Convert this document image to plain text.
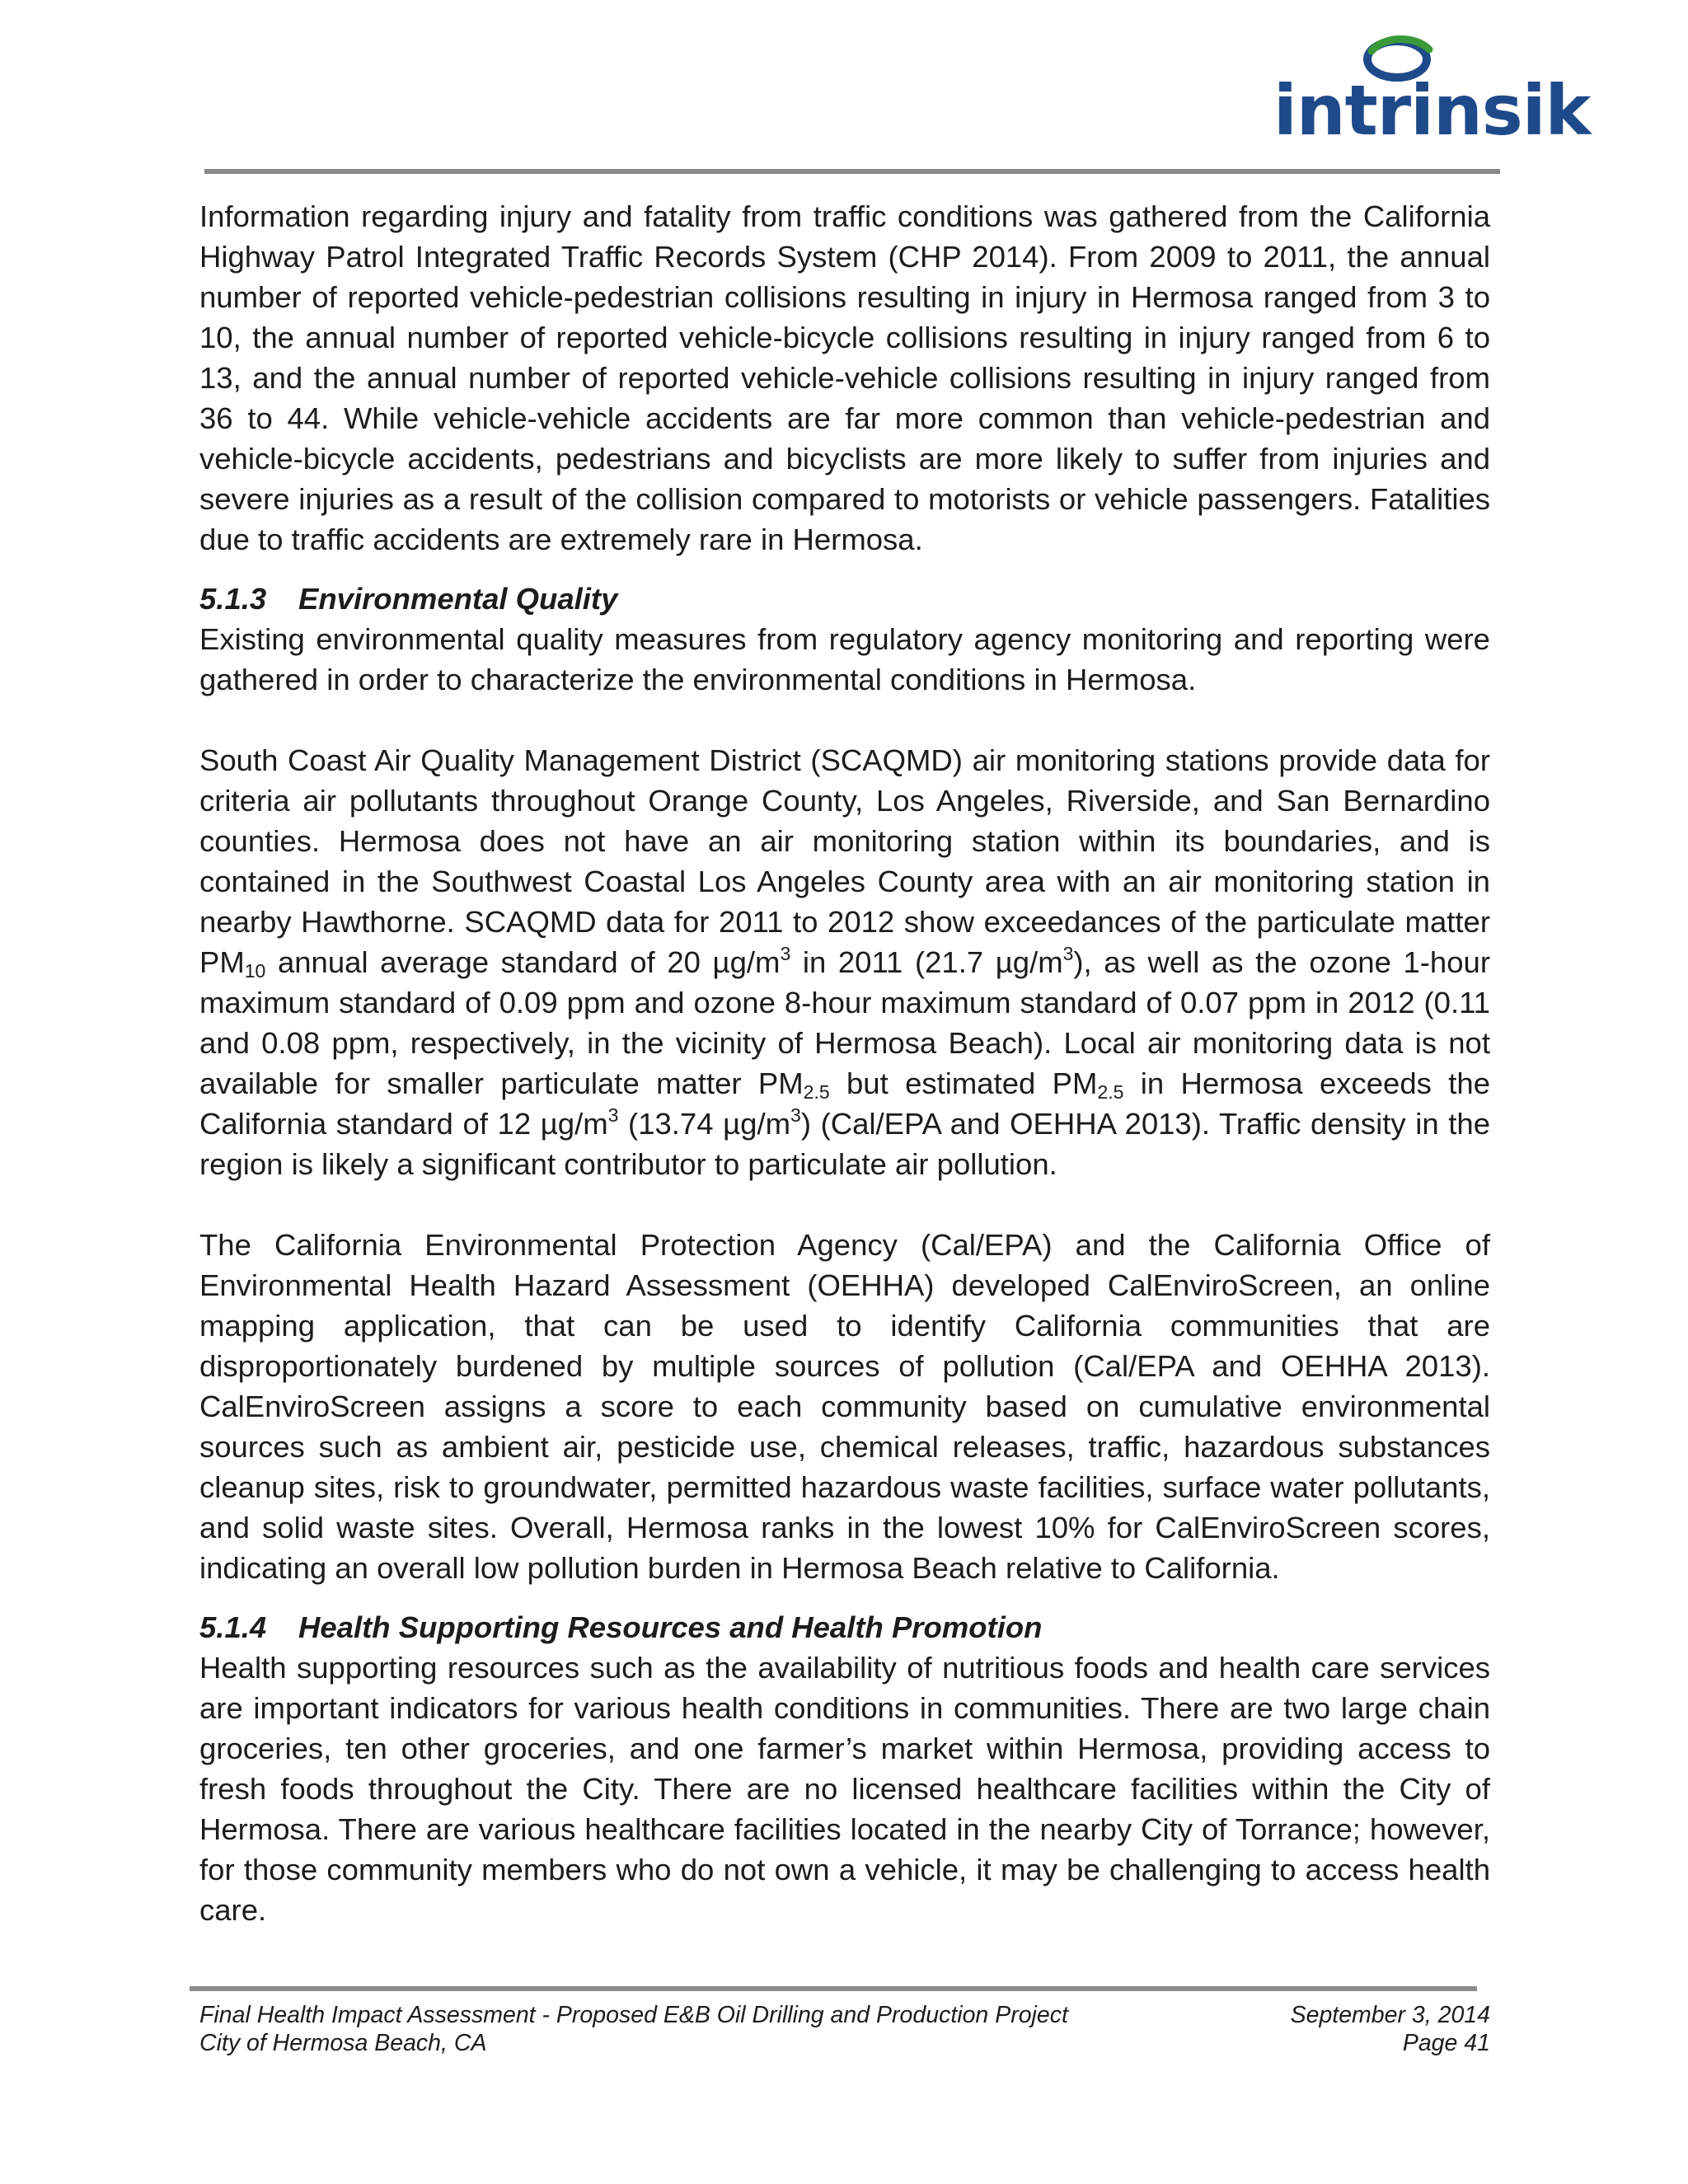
intrinsik

Information regarding injury and fatality from traffic conditions was gathered from the California Highway Patrol Integrated Traffic Records System (CHP 2014). From 2009 to 2011, the annual number of reported vehicle-pedestrian collisions resulting in injury in Hermosa ranged from 3 to 10, the annual number of reported vehicle-bicycle collisions resulting in injury ranged from 6 to 13, and the annual number of reported vehicle-vehicle collisions resulting in injury ranged from 36 to 44. While vehicle-vehicle accidents are far more common than vehicle-pedestrian and vehicle-bicycle accidents, pedestrians and bicyclists are more likely to suffer from injuries and severe injuries as a result of the collision compared to motorists or vehicle passengers. Fatalities due to traffic accidents are extremely rare in Hermosa.

5.1.3 Environmental Quality

Existing environmental quality measures from regulatory agency monitoring and reporting were gathered in order to characterize the environmental conditions in Hermosa.

South Coast Air Quality Management District (SCAQMD) air monitoring stations provide data for criteria air pollutants throughout Orange County, Los Angeles, Riverside, and San Bernardino counties. Hermosa does not have an air monitoring station within its boundaries, and is contained in the Southwest Coastal Los Angeles County area with an air monitoring station in nearby Hawthorne. SCAQMD data for 2011 to 2012 show exceedances of the particulate matter $PM_{10}$ annual average standard of 20 $\mu g/m^3$ in 2011 (21.7 $\mu g/m^3$), as well as the ozone 1-hour maximum standard of 0.09 ppm and ozone 8-hour maximum standard of 0.07 ppm in 2012 (0.11 and 0.08 ppm, respectively, in the vicinity of Hermosa Beach). Local air monitoring data is not available for smaller particulate matter $PM_{2.5}$ but estimated $PM_{2.5}$ in Hermosa exceeds the California standard of 12 $\mu g/m^3$ (13.74 $\mu g/m^3$) (Cal/EPA and OEHHA 2013). Traffic density in the region is likely a significant contributor to particulate air pollution.

The California Environmental Protection Agency (Cal/EPA) and the California Office of Environmental Health Hazard Assessment (OEHHA) developed CalEnviroScreen, an online mapping application, that can be used to identify California communities that are disproportionately burdened by multiple sources of pollution (Cal/EPA and OEHHA 2013). CalEnviroScreen assigns a score to each community based on cumulative environmental sources such as ambient air, pesticide use, chemical releases, traffic, hazardous substances cleanup sites, risk to groundwater, permitted hazardous waste facilities, surface water pollutants, and solid waste sites. Overall, Hermosa ranks in the lowest 10% for CalEnviroScreen scores, indicating an overall low pollution burden in Hermosa Beach relative to California.

5.1.4 Health Supporting Resources and Health Promotion

Health supporting resources such as the availability of nutritious foods and health care services are important indicators for various health conditions in communities. There are two large chain groceries, ten other groceries, and one farmer’s market within Hermosa, providing access to fresh foods throughout the City. There are no licensed healthcare facilities within the City of Hermosa. There are various healthcare facilities located in the nearby City of Torrance; however, for those community members who do not own a vehicle, it may be challenging to access health care.

Final Health Impact Assessment - Proposed E&B Oil Drilling and Production Project	September 3, 2014
City of Hermosa Beach, CA	Page 41
